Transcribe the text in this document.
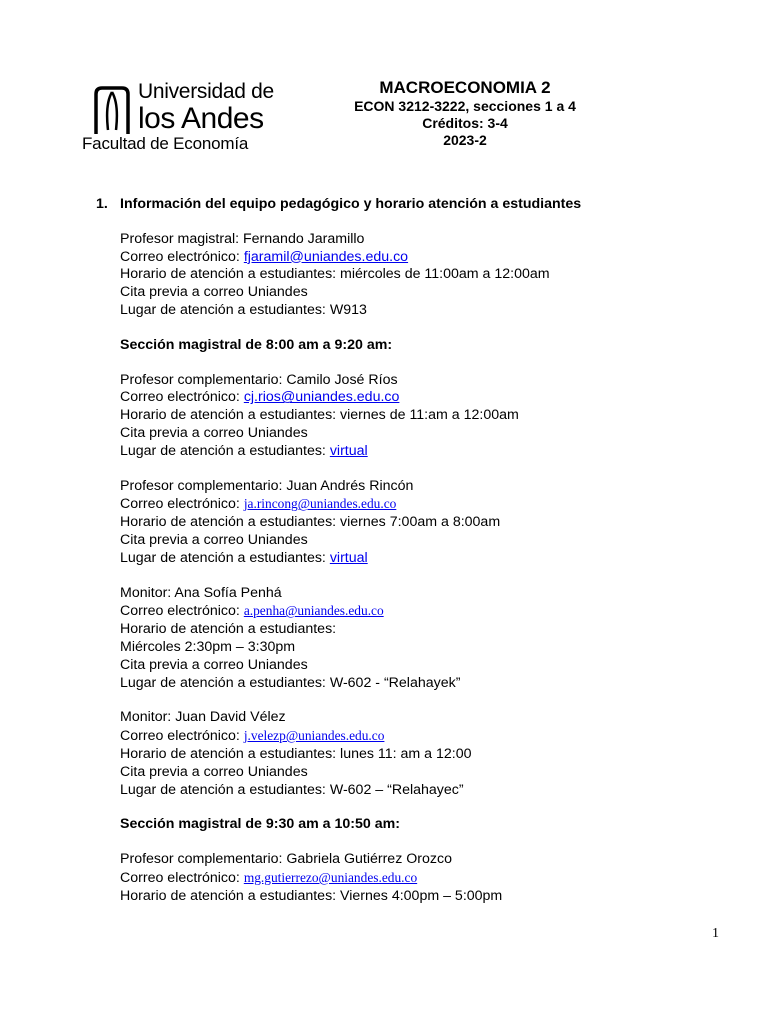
Universidad de
los Andes
Facultad de Economía
MACROECONOMIA 2
ECON 3212-3222, secciones 1 a 4
Créditos: 3-4
2023-2
1. Información del equipo pedagógico y horario atención a estudiantes
Profesor magistral: Fernando Jaramillo
Correo electrónico: fjaramil@uniandes.edu.co
Horario de atención a estudiantes: miércoles de 11:00am a 12:00am
Cita previa a correo Uniandes
Lugar de atención a estudiantes: W913
Sección magistral de 8:00 am a 9:20 am:
Profesor complementario: Camilo José Ríos
Correo electrónico: cj.rios@uniandes.edu.co
Horario de atención a estudiantes: viernes de 11:am a 12:00am
Cita previa a correo Uniandes
Lugar de atención a estudiantes: virtual
Profesor complementario: Juan Andrés Rincón
Correo electrónico: ja.rincong@uniandes.edu.co
Horario de atención a estudiantes: viernes 7:00am a 8:00am
Cita previa a correo Uniandes
Lugar de atención a estudiantes: virtual
Monitor: Ana Sofía Penhá
Correo electrónico: a.penha@uniandes.edu.co
Horario de atención a estudiantes:
Miércoles 2:30pm – 3:30pm
Cita previa a correo Uniandes
Lugar de atención a estudiantes: W-602 - “Relahayek”
Monitor: Juan David Vélez
Correo electrónico: j.velezp@uniandes.edu.co
Horario de atención a estudiantes: lunes 11: am a 12:00
Cita previa a correo Uniandes
Lugar de atención a estudiantes: W-602 – “Relahayec”
Sección magistral de 9:30 am a 10:50 am:
Profesor complementario: Gabriela Gutiérrez Orozco
Correo electrónico: mg.gutierrezo@uniandes.edu.co
Horario de atención a estudiantes: Viernes 4:00pm – 5:00pm
1
